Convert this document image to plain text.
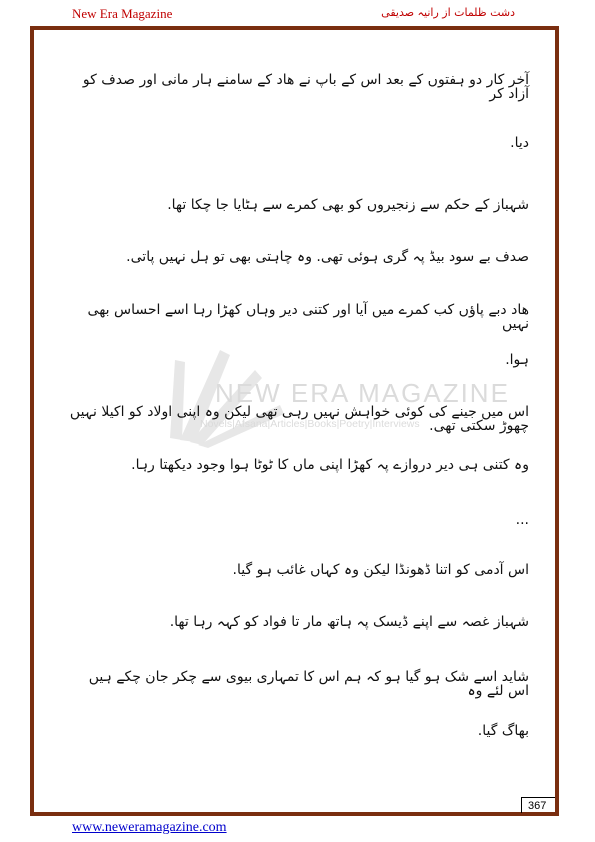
New Era Magazine	دشت ظلمات از رانیہ صدیقی
NEW ERA MAGAZINE
Novels|Afsana|Articles|Books|Poetry|Interviews
آخر کار دو ہفتوں کے بعد اس کے باپ نے ھاد کے سامنے ہار مانی اور صدف کو آزاد کر
دیا.
شہباز کے حکم سے زنجیروں کو بھی کمرے سے ہٹایا جا چکا تھا.
صدف بے سود بیڈ پہ گری ہوئی تھی. وہ چاہتی بھی تو ہل نہیں پاتی.
ھاد دبے پاؤں کب کمرے میں آیا اور کتنی دیر وہاں کھڑا رہا اسے احساس بھی نہیں
ہوا.
اس میں جینے کی کوئی خواہش نہیں رہی تھی لیکن وہ اپنی اولاد کو اکیلا نہیں چھوڑ سکتی تھی.
وہ کتنی ہی دیر دروازے پہ کھڑا اپنی ماں کا ٹوٹا ہوا وجود دیکھتا رہا.
...
اس آدمی کو اتنا ڈھونڈا لیکن وہ کہاں غائب ہو گیا.
شہباز غصہ سے اپنے ڈیسک پہ ہاتھ مار تا فواد کو کہہ رہا تھا.
شاید اسے شک ہو گیا ہو کہ ہم اس کا تمہاری بیوی سے چکر جان چکے ہیں اس لئے وہ
بھاگ گیا.
367
www.neweramagazine.com
